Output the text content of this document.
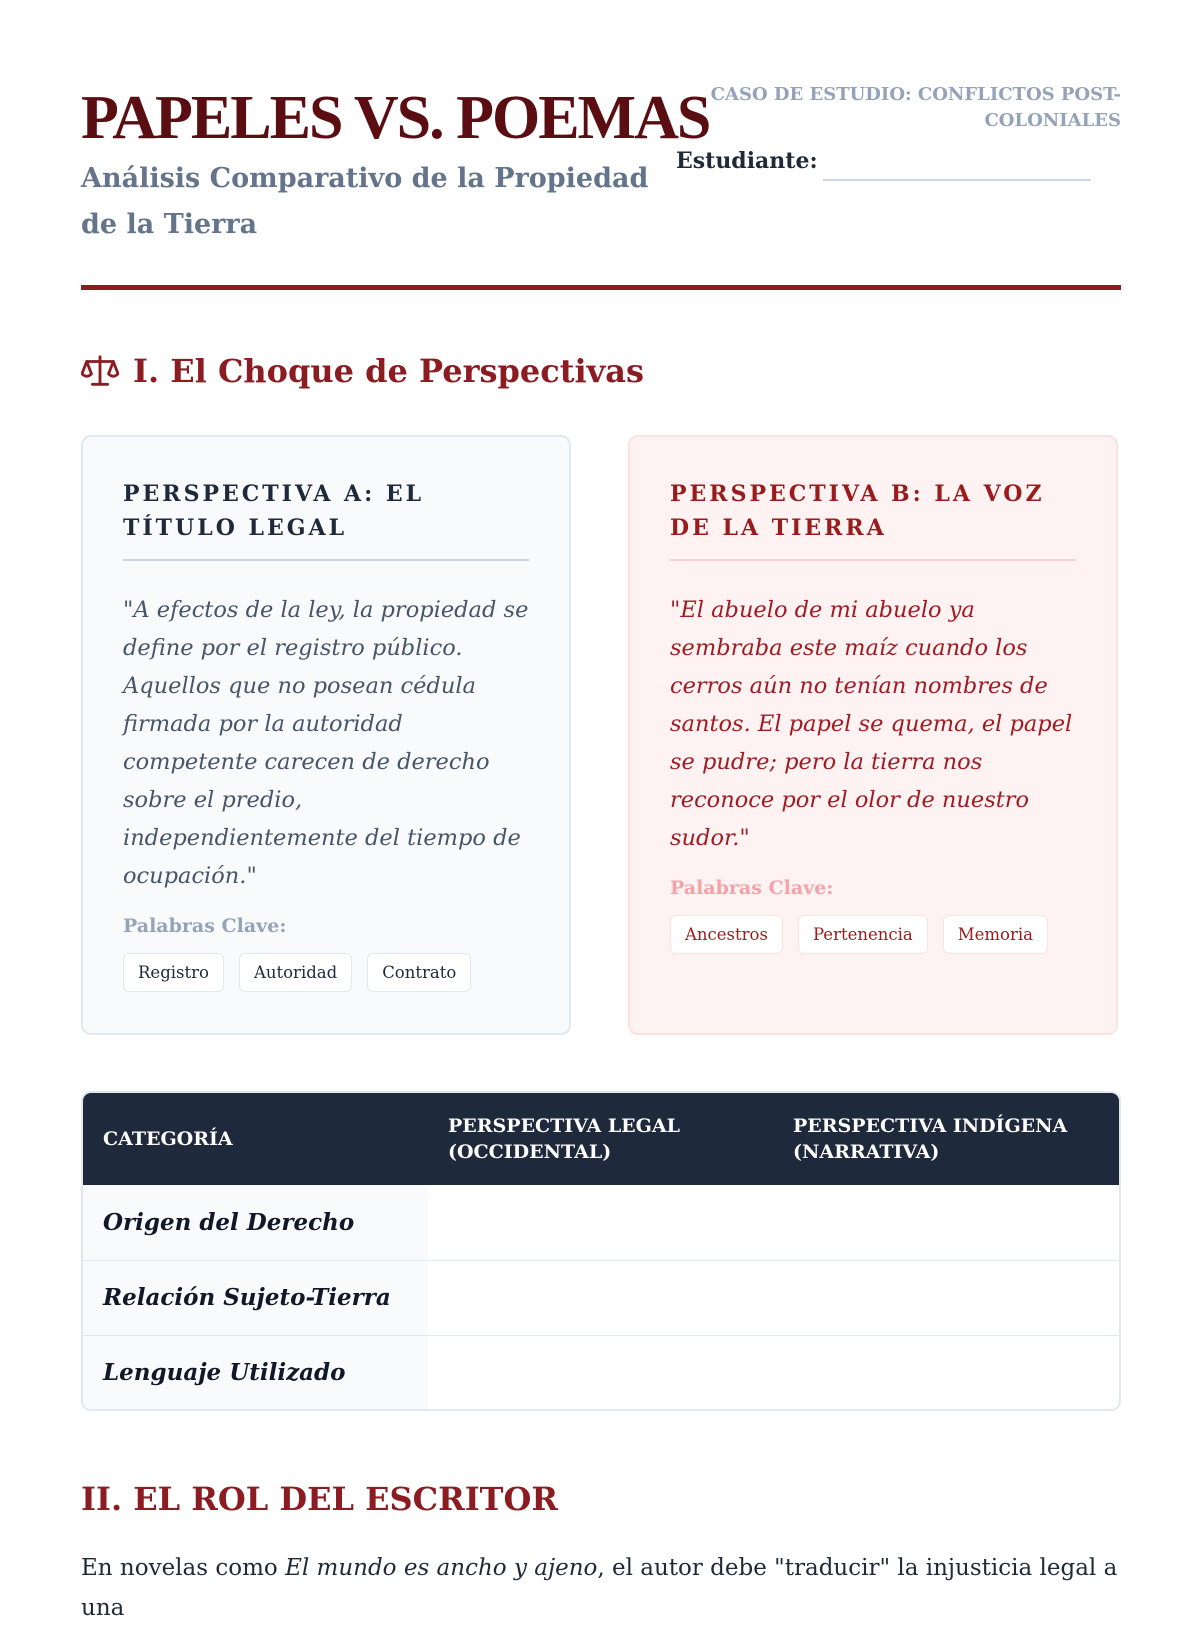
PAPELES VS. POEMAS

Análisis Comparativo de la Propiedad de la Tierra

CASO DE ESTUDIO: CONFLICTOS POST-COLONIALES
Estudiante:
I. El Choque de Perspectivas
PERSPECTIVA A: EL TÍTULO LEGAL

"A efectos de la ley, la propiedad se define por el registro público. Aquellos que no posean cédula firmada por la autoridad competente carecen de derecho sobre el predio, independientemente del tiempo de ocupación."

Palabras Clave:
Registro	Autoridad	Contrato
PERSPECTIVA B: LA VOZ DE LA TIERRA

"El abuelo de mi abuelo ya sembraba este maíz cuando los cerros aún no tenían nombres de santos. El papel se quema, el papel se pudre; pero la tierra nos reconoce por el olor de nuestro sudor."

Palabras Clave:
Ancestros	Pertenencia	Memoria
CATEGORÍA	PERSPECTIVA LEGAL (OCCIDENTAL)	PERSPECTIVA INDÍGENA (NARRATIVA)
Origen del Derecho		
Relación Sujeto-Tierra		
Lenguaje Utilizado		
II. EL ROL DEL ESCRITOR

En novelas como El mundo es ancho y ajeno, el autor debe "traducir" la injusticia legal a una
